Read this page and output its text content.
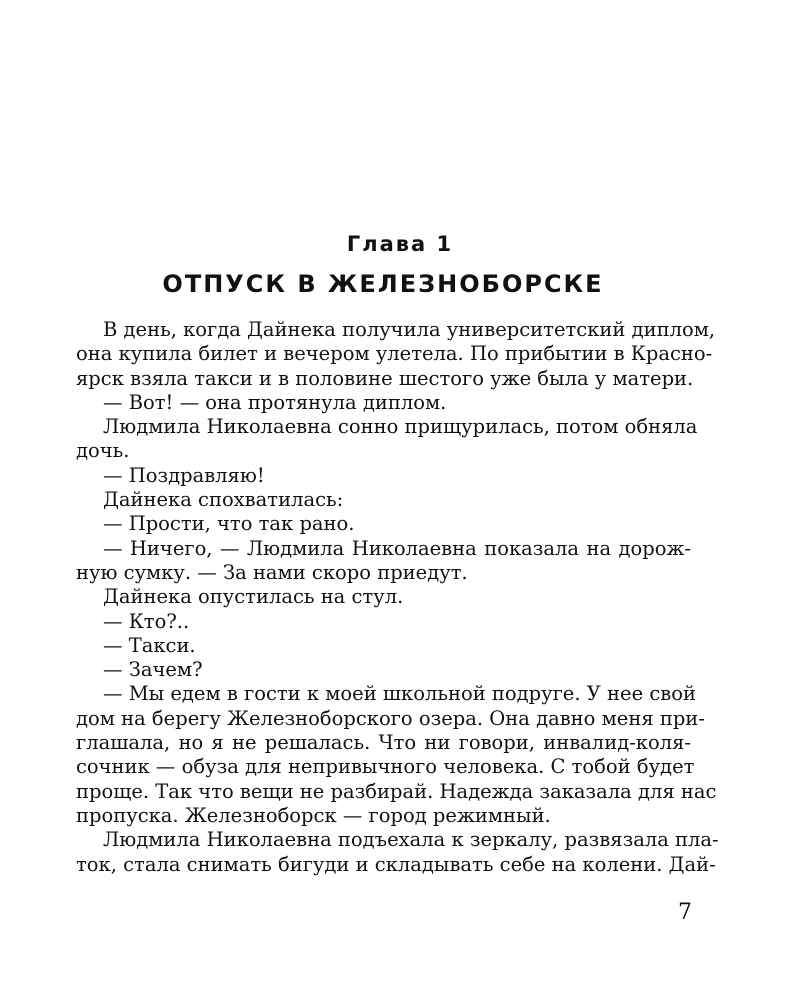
Глава 1
ОТПУСК В ЖЕЛЕЗНОБОРСКЕ
В день, когда Дайнека получила университетский диплом,
она купила билет и вечером улетела. По прибытии в Красно-
ярск взяла такси и в половине шестого уже была у матери.
— Вот! — она протянула диплом.
Людмила Николаевна сонно прищурилась, потом обняла
дочь.
— Поздравляю!
Дайнека спохватилась:
— Прости, что так рано.
— Ничего, — Людмила Николаевна показала на дорож-
ную сумку. — За нами скоро приедут.
Дайнека опустилась на стул.
— Кто?..
— Такси.
— Зачем?
— Мы едем в гости к моей школьной подруге. У нее свой
дом на берегу Железноборского озера. Она давно меня при-
глашала, но я не решалась. Что ни говори, инвалид-коля-
сочник — обуза для непривычного человека. С тобой будет
проще. Так что вещи не разбирай. Надежда заказала для нас
пропуска. Железноборск — город режимный.
Людмила Николаевна подъехала к зеркалу, развязала пла-
ток, стала снимать бигуди и складывать себе на колени. Дай-
7
